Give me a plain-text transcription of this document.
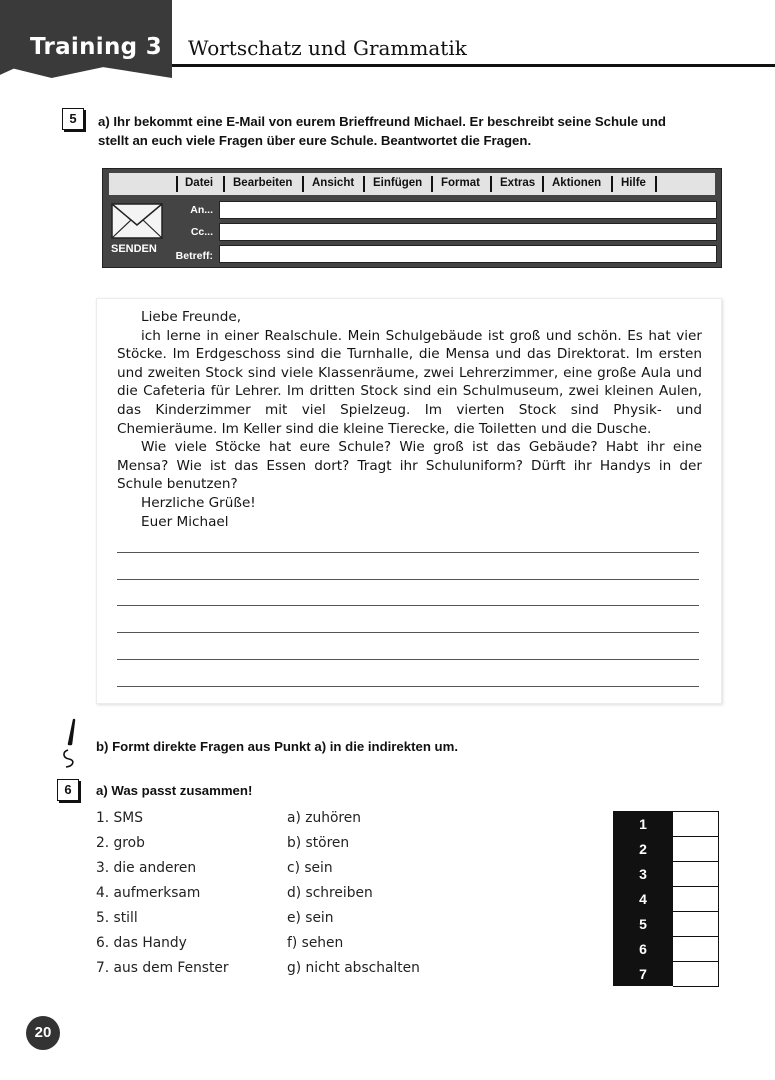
Training 3 Wortschatz und Grammatik
5	a) Ihr bekommt eine E-Mail von eurem Brieffreund Michael. Er beschreibt seine Schule und
stellt an euch viele Fragen über eure Schule. Beantwortet die Fragen.
Datei Bearbeiten Ansicht Einfügen Format Extras Aktionen Hilfe
SENDEN
An...
Cc...
Betreff:

Liebe Freunde,

ich lerne in einer Realschule. Mein Schulgebäude ist groß und schön. Es hat vier Stöcke. Im Erdgeschoss sind die Turnhalle, die Mensa und das Direktorat. Im ersten und zweiten Stock sind viele Klassenräume, zwei Lehrerzimmer, eine große Aula und die Cafeteria für Lehrer. Im dritten Stock sind ein Schulmuseum, zwei kleinen Aulen, das Kinderzimmer mit viel Spielzeug. Im vierten Stock sind Physik- und Chemieräume. Im Keller sind die kleine Tierecke, die Toiletten und die Dusche.

Wie viele Stöcke hat eure Schule? Wie groß ist das Gebäude? Habt ihr eine Mensa? Wie ist das Essen dort? Tragt ihr Schuluniform? Dürft ihr Handys in der Schule benutzen?

Herzliche Grüße!

Euer Michael

b) Formt direkte Fragen aus Punkt a) in die indirekten um.
6	a) Was passt zusammen!
1. SMS
2. grob
3. die anderen
4. aufmerksam
5. still
6. das Handy
7. aus dem Fenster
a) zuhören
b) stören
c) sein
d) schreiben
e) sein
f) sehen
g) nicht abschalten
1
2
3
4
5
6
7
20
